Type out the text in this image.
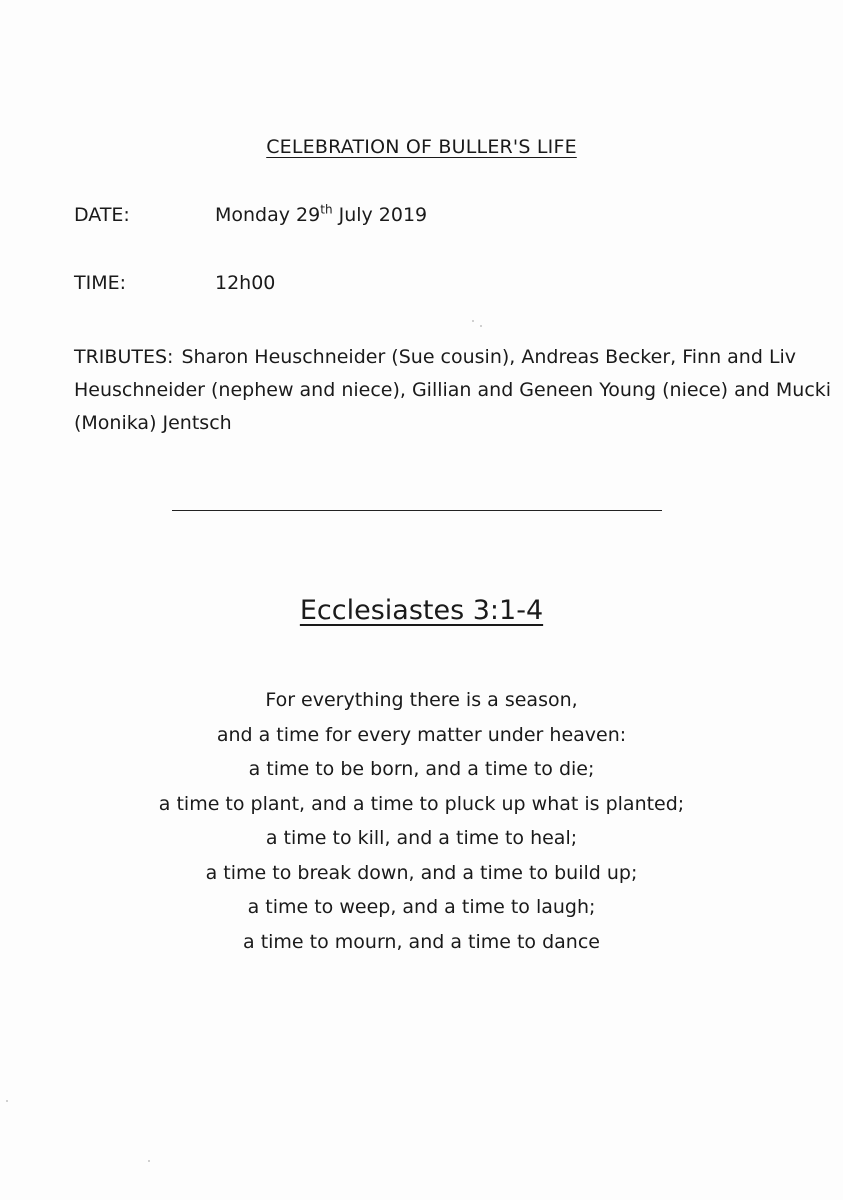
CELEBRATION OF BULLER'S LIFE
DATE:	Monday 29th July 2019
TIME:	12h00
TRIBUTES: Sharon Heuschneider (Sue cousin), Andreas Becker, Finn and Liv Heuschneider (nephew and niece), Gillian and Geneen Young (niece) and Mucki (Monika) Jentsch
Ecclesiastes 3:1-4
For everything there is a season,
and a time for every matter under heaven:
a time to be born, and a time to die;
a time to plant, and a time to pluck up what is planted;
a time to kill, and a time to heal;
a time to break down, and a time to build up;
a time to weep, and a time to laugh;
a time to mourn, and a time to dance
